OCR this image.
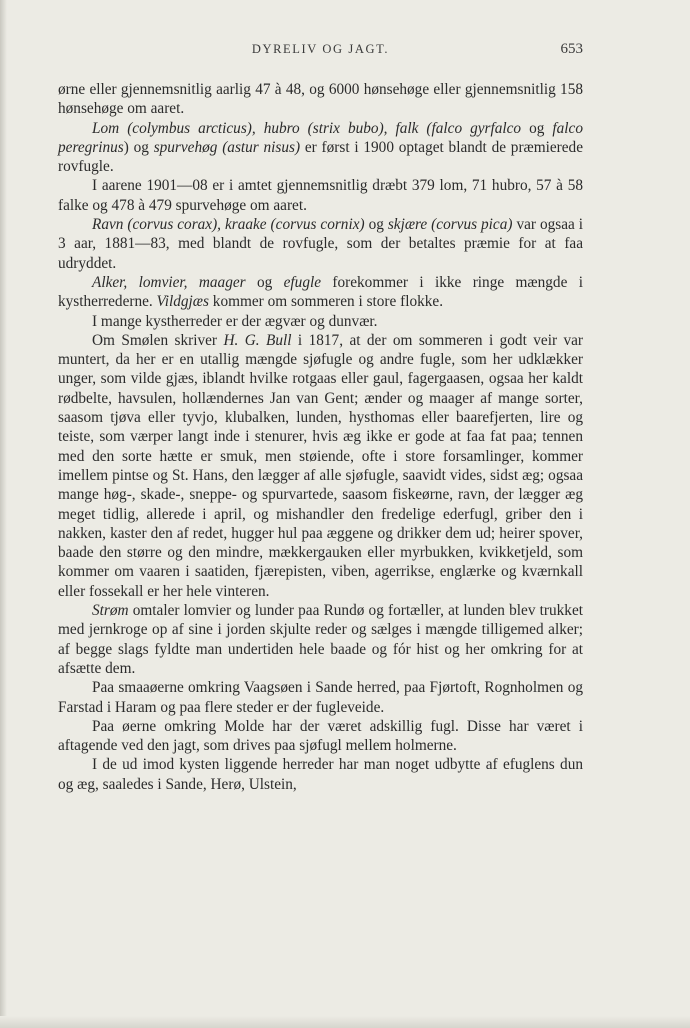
DYRELIV OG JAGT.	653

ørne eller gjennemsnitlig aarlig 47 à 48, og 6000 hønsehøge eller gjennemsnitlig 158 hønsehøge om aaret.

Lom (colymbus arcticus), hubro (strix bubo), falk (falco gyrfalco og falco peregrinus) og spurvehøg (astur nisus) er først i 1900 optaget blandt de præmierede rovfugle.

I aarene 1901—08 er i amtet gjennemsnitlig dræbt 379 lom, 71 hubro, 57 à 58 falke og 478 à 479 spurvehøge om aaret.

Ravn (corvus corax), kraake (corvus cornix) og skjære (corvus pica) var ogsaa i 3 aar, 1881—83, med blandt de rovfugle, som der betaltes præmie for at faa udryddet.

Alker, lomvier, maager og efugle forekommer i ikke ringe mængde i kystherrederne. Vildgjæs kommer om sommeren i store flokke.

I mange kystherreder er der ægvær og dunvær.

Om Smølen skriver H. G. Bull i 1817, at der om sommeren i godt veir var muntert, da her er en utallig mængde sjøfugle og andre fugle, som her udklækker unger, som vilde gjæs, iblandt hvilke rotgaas eller gaul, fagergaasen, ogsaa her kaldt rødbelte, havsulen, hollændernes Jan van Gent; ænder og maager af mange sorter, saasom tjøva eller tyvjo, klubalken, lunden, hysthomas eller baarefjerten, lire og teiste, som værper langt inde i stenurer, hvis æg ikke er gode at faa fat paa; tennen med den sorte hætte er smuk, men støiende, ofte i store forsamlinger, kommer imellem pintse og St. Hans, den lægger af alle sjøfugle, saavidt vides, sidst æg; ogsaa mange høg-, skade-, sneppe- og spurvartede, saasom fiskeørne, ravn, der lægger æg meget tidlig, allerede i april, og mishandler den fredelige ederfugl, griber den i nakken, kaster den af redet, hugger hul paa æggene og drikker dem ud; heirer spover, baade den større og den mindre, mækkergauken eller myrbukken, kvikketjeld, som kommer om vaaren i saatiden, fjærepisten, viben, agerrikse, englærke og kværnkall eller fossekall er her hele vinteren.

Strøm omtaler lomvier og lunder paa Rundø og fortæller, at lunden blev trukket med jernkroge op af sine i jorden skjulte reder og sælges i mængde tilligemed alker; af begge slags fyldte man undertiden hele baade og fór hist og her omkring for at afsætte dem.

Paa smaaøerne omkring Vaagsøen i Sande herred, paa Fjørtoft, Rognholmen og Farstad i Haram og paa flere steder er der fugleveide.

Paa øerne omkring Molde har der været adskillig fugl. Disse har været i aftagende ved den jagt, som drives paa sjøfugl mellem holmerne.

I de ud imod kysten liggende herreder har man noget udbytte af efuglens dun og æg, saaledes i Sande, Herø, Ulstein,
